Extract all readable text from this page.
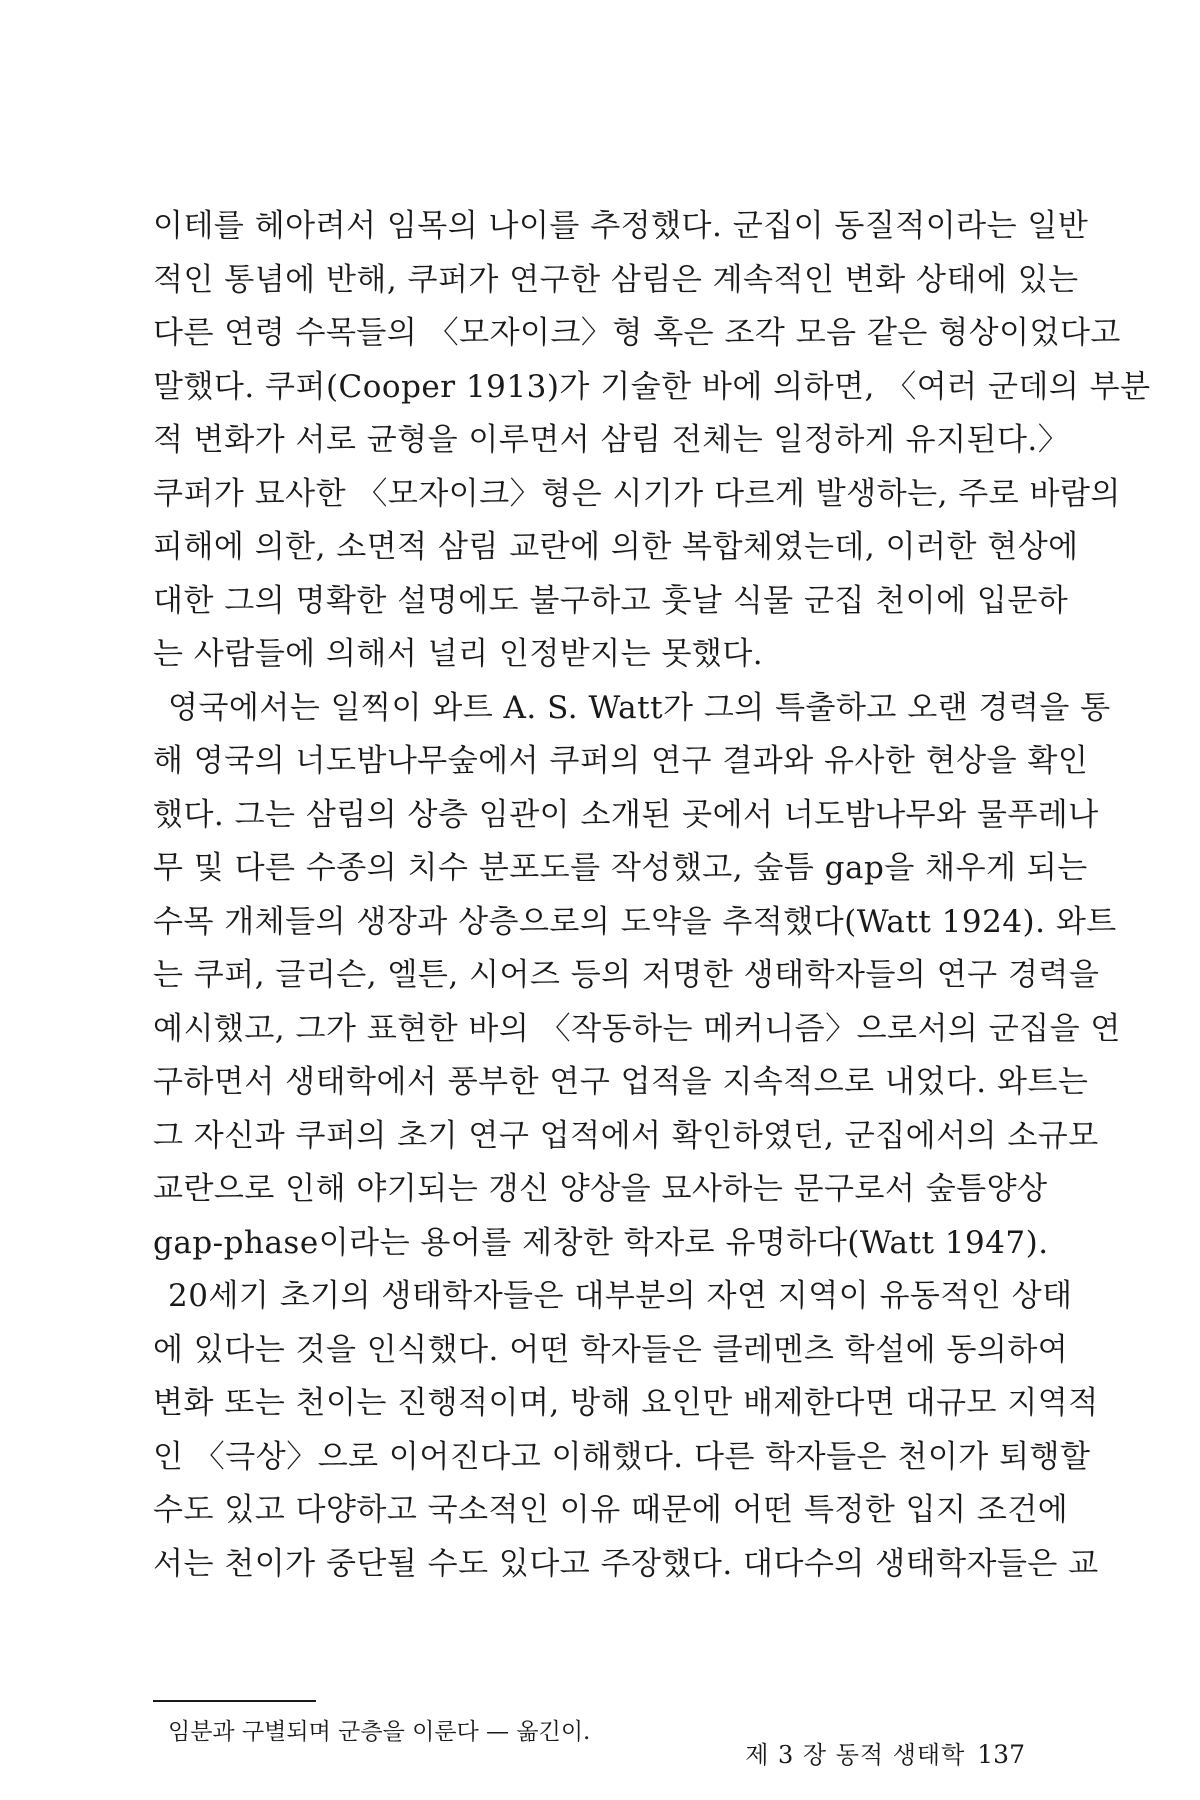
이테를 헤아려서 임목의 나이를 추정했다. 군집이 동질적이라는 일반
적인 통념에 반해, 쿠퍼가 연구한 삼림은 계속적인 변화 상태에 있는
다른 연령 수목들의 〈모자이크〉형 혹은 조각 모음 같은 형상이었다고
말했다. 쿠퍼(Cooper 1913)가 기술한 바에 의하면, 〈여러 군데의 부분
적 변화가 서로 균형을 이루면서 삼림 전체는 일정하게 유지된다.〉
쿠퍼가 묘사한 〈모자이크〉형은 시기가 다르게 발생하는, 주로 바람의
피해에 의한, 소면적 삼림 교란에 의한 복합체였는데, 이러한 현상에
대한 그의 명확한 설명에도 불구하고 훗날 식물 군집 천이에 입문하
는 사람들에 의해서 널리 인정받지는 못했다.
영국에서는 일찍이 와트 A. S. Watt가 그의 특출하고 오랜 경력을 통
해 영국의 너도밤나무숲에서 쿠퍼의 연구 결과와 유사한 현상을 확인
했다. 그는 삼림의 상층 임관이 소개된 곳에서 너도밤나무와 물푸레나
무 및 다른 수종의 치수 분포도를 작성했고, 숲틈 gap을 채우게 되는
수목 개체들의 생장과 상층으로의 도약을 추적했다(Watt 1924). 와트
는 쿠퍼, 글리슨, 엘튼, 시어즈 등의 저명한 생태학자들의 연구 경력을
예시했고, 그가 표현한 바의 〈작동하는 메커니즘〉으로서의 군집을 연
구하면서 생태학에서 풍부한 연구 업적을 지속적으로 내었다. 와트는
그 자신과 쿠퍼의 초기 연구 업적에서 확인하였던, 군집에서의 소규모
교란으로 인해 야기되는 갱신 양상을 묘사하는 문구로서 숲틈양상
gap-phase이라는 용어를 제창한 학자로 유명하다(Watt 1947).
20세기 초기의 생태학자들은 대부분의 자연 지역이 유동적인 상태
에 있다는 것을 인식했다. 어떤 학자들은 클레멘츠 학설에 동의하여
변화 또는 천이는 진행적이며, 방해 요인만 배제한다면 대규모 지역적
인 〈극상〉으로 이어진다고 이해했다. 다른 학자들은 천이가 퇴행할
수도 있고 다양하고 국소적인 이유 때문에 어떤 특정한 입지 조건에
서는 천이가 중단될 수도 있다고 주장했다. 대다수의 생태학자들은 교
임분과 구별되며 군층을 이룬다 — 옮긴이.
제 3 장 동적 생태학 137
